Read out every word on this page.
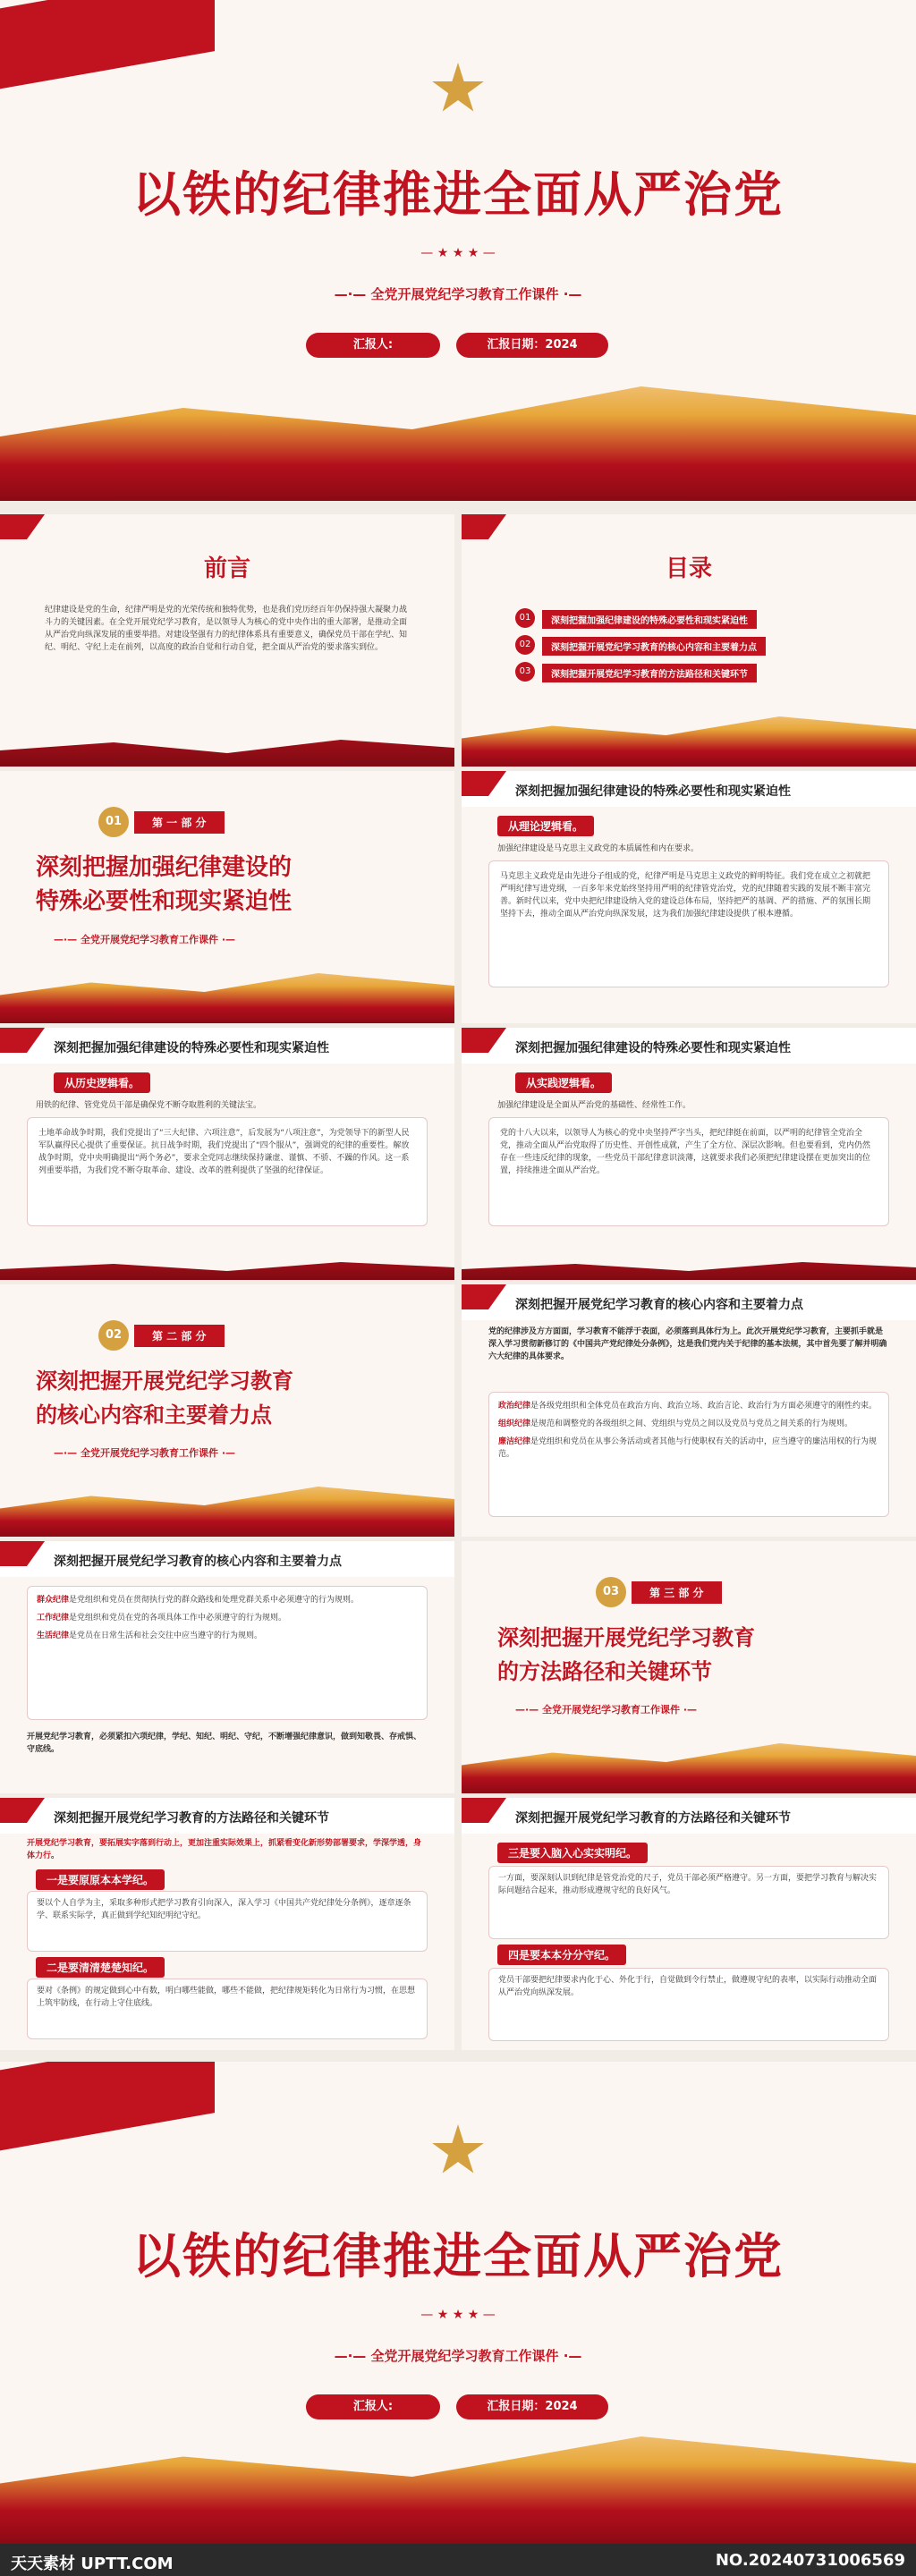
以铁的纪律推进全面从严治党
— ★ ★ ★ —
—·— 全党开展党纪学习教育工作课件 ·—
汇报人:	汇报日期：2024
前言
纪律建设是党的生命，纪律严明是党的光荣传统和独特优势，也是我们党历经百年仍保持强大凝聚力战斗力的关键因素。在全党开展党纪学习教育，是以领导人为核心的党中央作出的重大部署，是推动全面从严治党向纵深发展的重要举措。对建设坚强有力的纪律体系具有重要意义，确保党员干部在学纪、知纪、明纪、守纪上走在前列，以高度的政治自觉和行动自觉，把全面从严治党的要求落实到位。
目录
01	深刻把握加强纪律建设的特殊必要性和现实紧迫性
02	深刻把握开展党纪学习教育的核心内容和主要着力点
03	深刻把握开展党纪学习教育的方法路径和关键环节
01	第 一 部 分
深刻把握加强纪律建设的
特殊必要性和现实紧迫性
—·— 全党开展党纪学习教育工作课件 ·—
深刻把握加强纪律建设的特殊必要性和现实紧迫性
从理论逻辑看。
加强纪律建设是马克思主义政党的本质属性和内在要求。
马克思主义政党是由先进分子组成的党，纪律严明是马克思主义政党的鲜明特征。我们党在成立之初就把严明纪律写进党纲，一百多年来党始终坚持用严明的纪律管党治党，党的纪律随着实践的发展不断丰富完善。新时代以来，党中央把纪律建设纳入党的建设总体布局，坚持把严的基调、严的措施、严的氛围长期坚持下去，推动全面从严治党向纵深发展，这为我们加强纪律建设提供了根本遵循。
深刻把握加强纪律建设的特殊必要性和现实紧迫性
从历史逻辑看。
用铁的纪律、管党党员干部是确保党不断夺取胜利的关键法宝。
土地革命战争时期，我们党提出了“三大纪律、六项注意”，后发展为“八项注意”，为党领导下的新型人民军队赢得民心提供了重要保证。抗日战争时期，我们党提出了“四个服从”，强调党的纪律的重要性。解放战争时期，党中央明确提出“两个务必”，要求全党同志继续保持谦虚、谨慎、不骄、不躁的作风。这一系列重要举措，为我们党不断夺取革命、建设、改革的胜利提供了坚强的纪律保证。
深刻把握加强纪律建设的特殊必要性和现实紧迫性
从实践逻辑看。
加强纪律建设是全面从严治党的基础性、经常性工作。
党的十八大以来，以领导人为核心的党中央坚持严字当头，把纪律挺在前面，以严明的纪律管全党治全党，推动全面从严治党取得了历史性、开创性成就，产生了全方位、深层次影响。但也要看到，党内仍然存在一些违反纪律的现象，一些党员干部纪律意识淡薄，这就要求我们必须把纪律建设摆在更加突出的位置，持续推进全面从严治党。
02	第 二 部 分
深刻把握开展党纪学习教育
的核心内容和主要着力点
—·— 全党开展党纪学习教育工作课件 ·—
深刻把握开展党纪学习教育的核心内容和主要着力点
党的纪律涉及方方面面，学习教育不能浮于表面，必须落到具体行为上。此次开展党纪学习教育，主要抓手就是深入学习贯彻新修订的《中国共产党纪律处分条例》，这是我们党内关于纪律的基本法规，其中首先要了解并明确六大纪律的具体要求。

政治纪律是各级党组织和全体党员在政治方向、政治立场、政治言论、政治行为方面必须遵守的刚性约束。

组织纪律是规范和调整党的各级组织之间、党组织与党员之间以及党员与党员之间关系的行为规则。

廉洁纪律是党组织和党员在从事公务活动或者其他与行使职权有关的活动中，应当遵守的廉洁用权的行为规范。

深刻把握开展党纪学习教育的核心内容和主要着力点

群众纪律是党组织和党员在贯彻执行党的群众路线和处理党群关系中必须遵守的行为规则。

工作纪律是党组织和党员在党的各项具体工作中必须遵守的行为规则。

生活纪律是党员在日常生活和社会交往中应当遵守的行为规则。

开展党纪学习教育，必须紧扣六项纪律，学纪、知纪、明纪、守纪，不断增强纪律意识，做到知敬畏、存戒惧、守底线。
03	第 三 部 分
深刻把握开展党纪学习教育
的方法路径和关键环节
—·— 全党开展党纪学习教育工作课件 ·—
深刻把握开展党纪学习教育的方法路径和关键环节
开展党纪学习教育，要拓展实字落到行动上，更加注重实际效果上，抓紧看变化新形势部署要求，学深学透，身体力行。
一是要原原本本学纪。
要以个人自学为主，采取多种形式把学习教育引向深入，深入学习《中国共产党纪律处分条例》，逐章逐条学、联系实际学，真正做到学纪知纪明纪守纪。
二是要清清楚楚知纪。
要对《条例》的规定做到心中有数，明白哪些能做，哪些不能做，把纪律规矩转化为日常行为习惯，在思想上筑牢防线，在行动上守住底线。
深刻把握开展党纪学习教育的方法路径和关键环节
三是要入脑入心实实明纪。
一方面，要深刻认识到纪律是管党治党的尺子，党员干部必须严格遵守。另一方面，要把学习教育与解决实际问题结合起来，推动形成遵规守纪的良好风气。
四是要本本分分守纪。
党员干部要把纪律要求内化于心、外化于行，自觉做到令行禁止，做遵规守纪的表率，以实际行动推动全面从严治党向纵深发展。
以铁的纪律推进全面从严治党
— ★ ★ ★ —
—·— 全党开展党纪学习教育工作课件 ·—
汇报人:	汇报日期：2024
天天素材 UPTT.COM	NO.20240731006569
